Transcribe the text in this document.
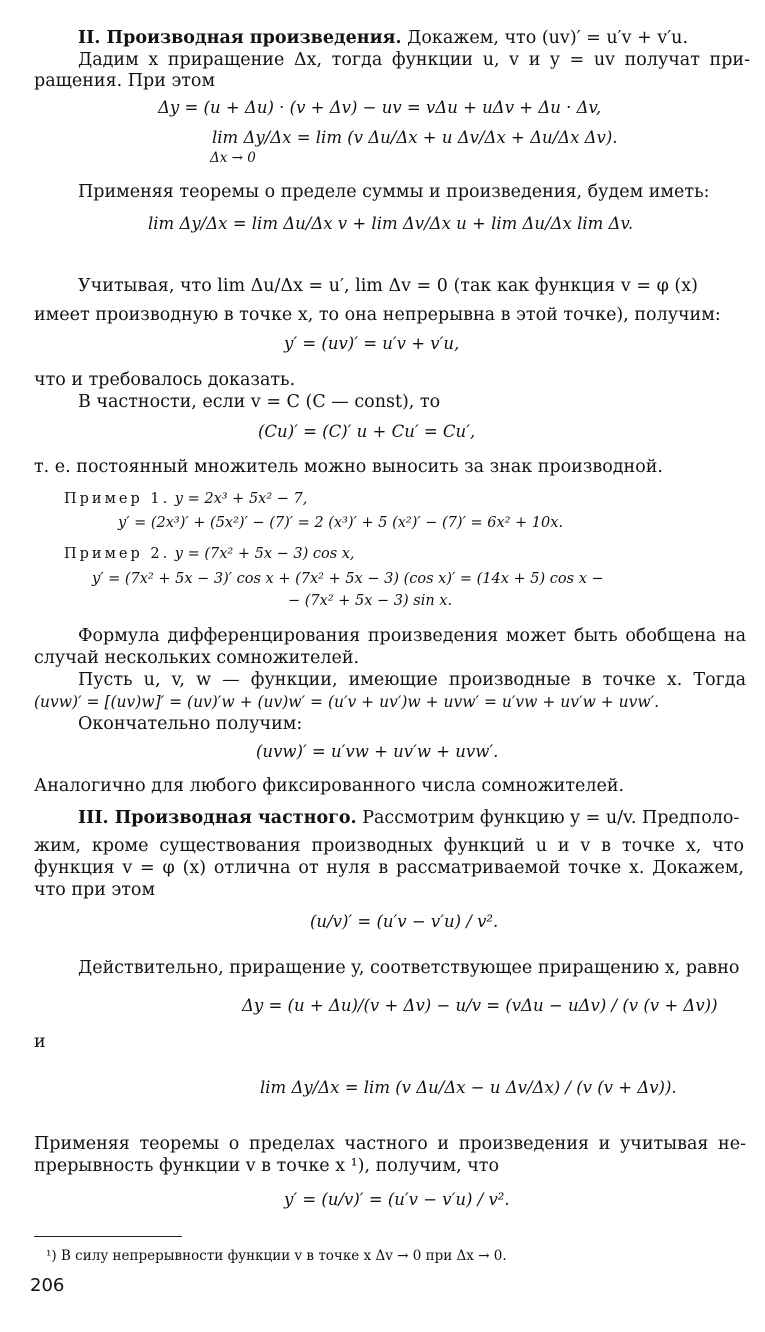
II. Производная произведения. Докажем, что (uv)′ = u′v + v′u.
Дадим x приращение Δx, тогда функции u, v и y = uv получат при-
ращения. При этом
Δy = (u + Δu) · (v + Δv) − uv = vΔu + uΔv + Δu · Δv,
lim Δy/Δx = lim (v Δu/Δx + u Δv/Δx + Δu/Δx Δv).
Δx → 0
Применяя теоремы о пределе суммы и произведения, будем иметь:
lim Δy/Δx = lim Δu/Δx v + lim Δv/Δx u + lim Δu/Δx lim Δv.
Учитывая, что lim Δu/Δx = u′, lim Δv = 0 (так как функция v = φ (x)
имеет производную в точке x, то она непрерывна в этой точке), получим:
y′ = (uv)′ = u′v + v′u,
что и требовалось доказать.
В частности, если v = C (C — const), то
(Cu)′ = (C)′ u + Cu′ = Cu′,
т. е. постоянный множитель можно выносить за знак производной.
Пример 1. y = 2x³ + 5x² − 7,
y′ = (2x³)′ + (5x²)′ − (7)′ = 2 (x³)′ + 5 (x²)′ − (7)′ = 6x² + 10x.
Пример 2. y = (7x² + 5x − 3) cos x,
y′ = (7x² + 5x − 3)′ cos x + (7x² + 5x − 3) (cos x)′ = (14x + 5) cos x −
− (7x² + 5x − 3) sin x.
Формула дифференцирования произведения может быть обобщена на
случай нескольких сомножителей.
Пусть u, v, w — функции, имеющие производные в точке x. Тогда
(uvw)′ = [(uv)w]′ = (uv)′w + (uv)w′ = (u′v + uv′)w + uvw′ = u′vw + uv′w + uvw′.
Окончательно получим:
(uvw)′ = u′vw + uv′w + uvw′.
Аналогично для любого фиксированного числа сомножителей.
III. Производная частного. Рассмотрим функцию y = u/v. Предполо-
жим, кроме существования производных функций u и v в точке x, что
функция v = φ (x) отлична от нуля в рассматриваемой точке x. Докажем,
что при этом
(u/v)′ = (u′v − v′u) / v².
Действительно, приращение y, соответствующее приращению x, равно
Δy = (u + Δu)/(v + Δv) − u/v = (vΔu − uΔv) / (v (v + Δv))
и
lim Δy/Δx = lim (v Δu/Δx − u Δv/Δx) / (v (v + Δv)).
Применяя теоремы о пределах частного и произведения и учитывая не-
прерывность функции v в точке x ¹), получим, что
y′ = (u/v)′ = (u′v − v′u) / v².
¹) В силу непрерывности функции v в точке x Δv → 0 при Δx → 0.
206
